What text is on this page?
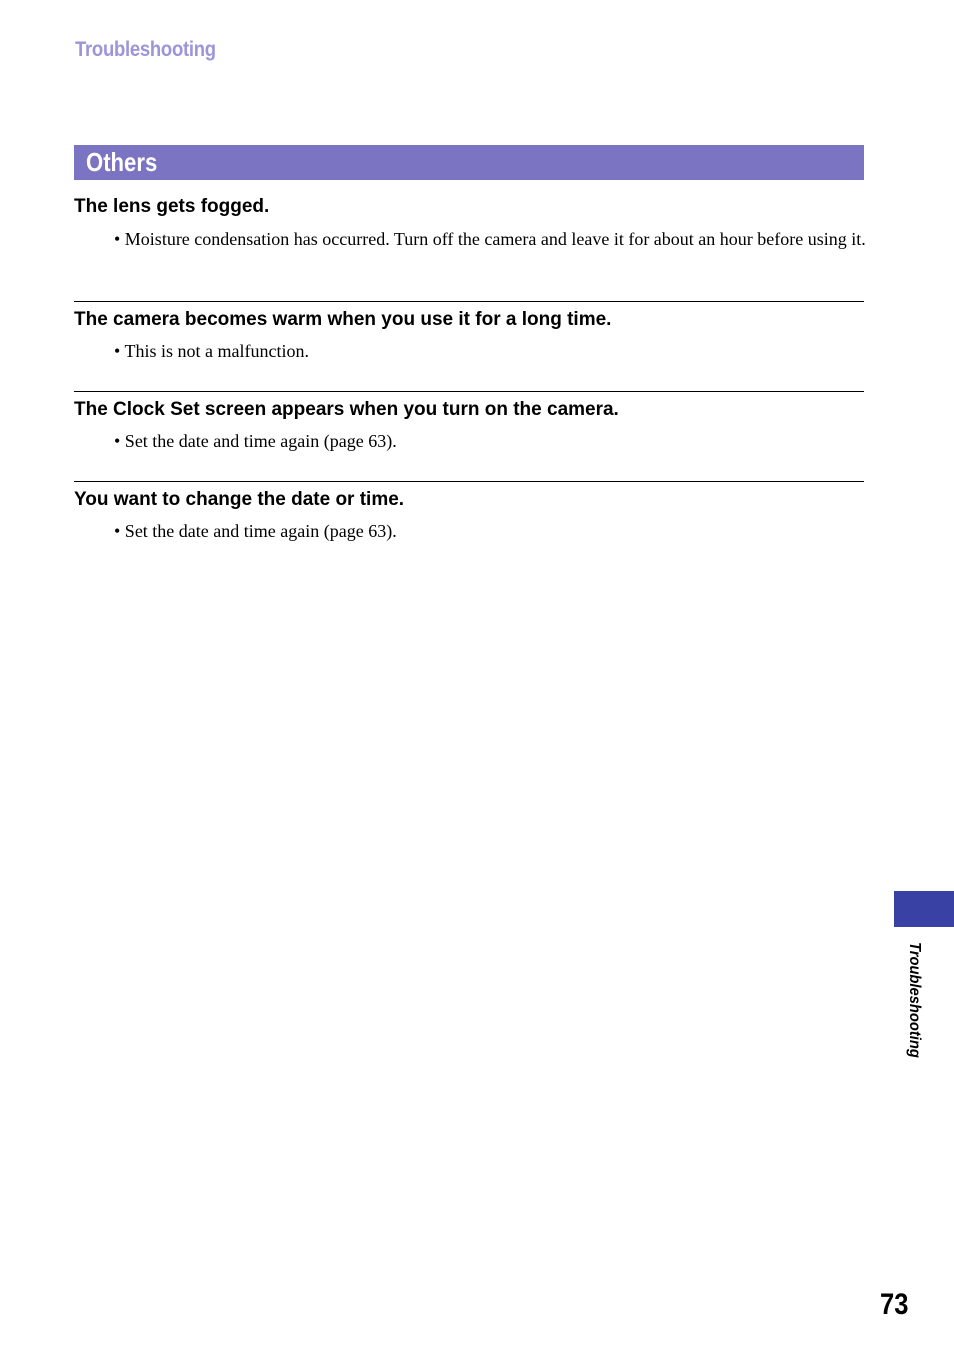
Troubleshooting
Others
The lens gets fogged.
• Moisture condensation has occurred. Turn off the camera and leave it for about an hour before using it.
The camera becomes warm when you use it for a long time.
• This is not a malfunction.
The Clock Set screen appears when you turn on the camera.
• Set the date and time again (page 63).
You want to change the date or time.
• Set the date and time again (page 63).
Troubleshooting
73
